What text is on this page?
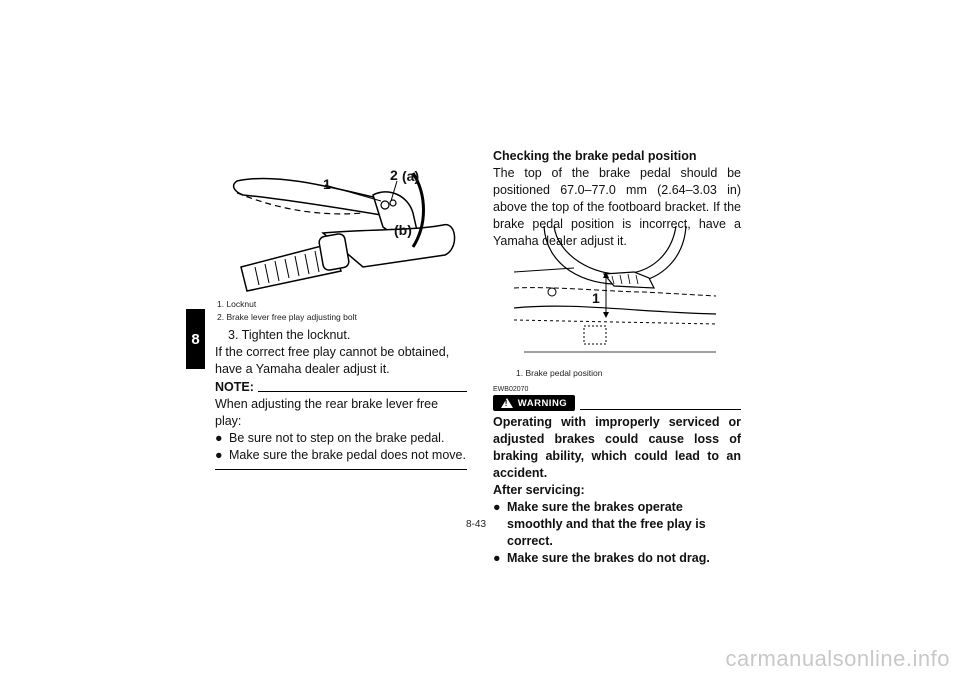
8
1
2 (a)
(b)
1. Locknut
2. Brake lever free play adjusting bolt
3. Tighten the locknut.
If the correct free play cannot be obtained, have a Yamaha dealer adjust it.
NOTE:
When adjusting the rear brake lever free play:
● Be sure not to step on the brake pedal.
● Make sure the brake pedal does not move.
Checking the brake pedal position
The top of the brake pedal should be positioned 67.0–77.0 mm (2.64–3.03 in) above the top of the footboard bracket. If the brake pedal position is incorrect, have a Yamaha dealer adjust it.
1
1. Brake pedal position
EWB02070
! WARNING
Operating with improperly serviced or adjusted brakes could cause loss of braking ability, which could lead to an accident.
After servicing:
● Make sure the brakes operate smoothly and that the free play is correct.
● Make sure the brakes do not drag.
8-43
carmanualsonline.info
